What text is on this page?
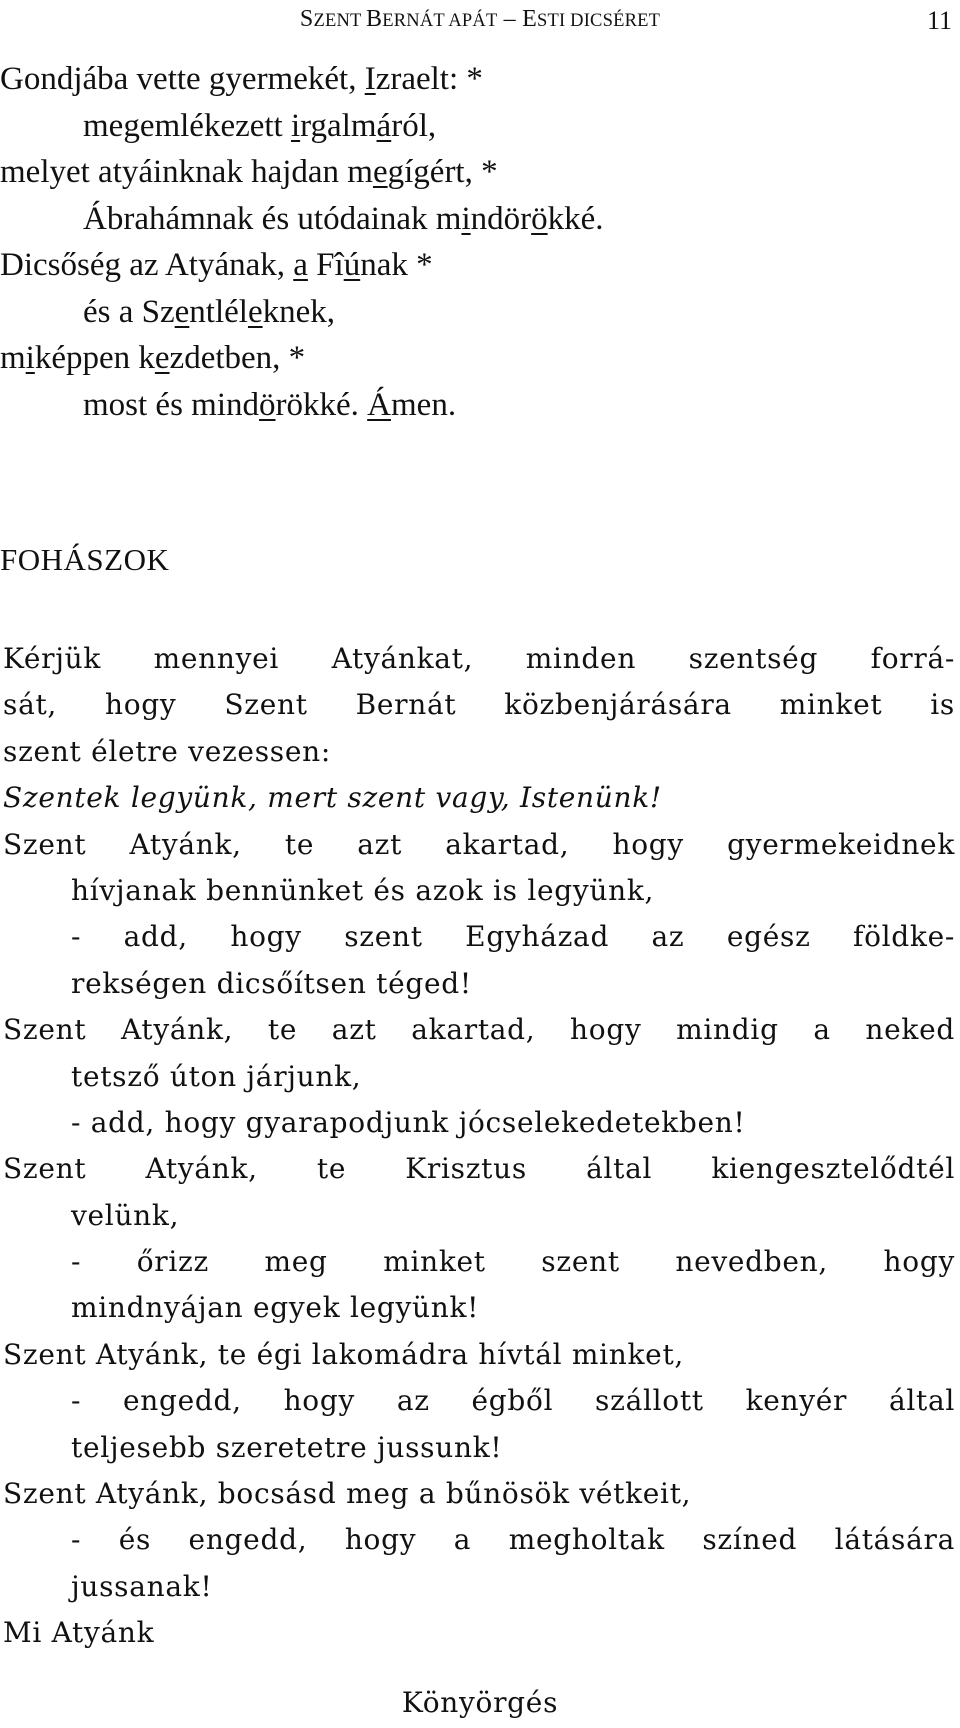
SZENT BERNÁT APÁT – ESTI DICSÉRET	11
Gondjába vette gyermekét, Izraelt: *
megemlékezett irgalmáról,
melyet atyáinknak hajdan megígért, *
Ábrahámnak és utódainak mindörökké.
Dicsőség az Atyának, a Fîúnak *
és a Szentléleknek,
miképpen kezdetben, *
most és mindörökké. Ámen.
FOHÁSZOK
Kérjük mennyei Atyánkat, minden szentség forrá-
sát, hogy Szent Bernát közbenjárására minket is
szent életre vezessen:
Szentek legyünk, mert szent vagy, Istenünk!
Szent Atyánk, te azt akartad, hogy gyermekeidnek
hívjanak bennünket és azok is legyünk,
- add, hogy szent Egyházad az egész földke-
rekségen dicsőítsen téged!
Szent Atyánk, te azt akartad, hogy mindig a neked
tetsző úton járjunk,
- add, hogy gyarapodjunk jócselekedetekben!
Szent Atyánk, te Krisztus által kiengesztelődtél
velünk,
- őrizz meg minket szent nevedben, hogy
mindnyájan egyek legyünk!
Szent Atyánk, te égi lakomádra hívtál minket,
- engedd, hogy az égből szállott kenyér által
teljesebb szeretetre jussunk!
Szent Atyánk, bocsásd meg a bűnösök vétkeit,
- és engedd, hogy a megholtak színed látására
jussanak!
Mi Atyánk
Könyörgés
